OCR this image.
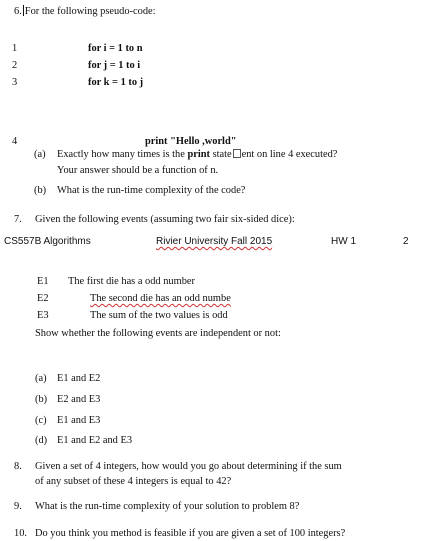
6. For the following pseudo-code:
1	for i = 1 to n
2	for j = 1 to i
3	for k = 1 to j
4	print "Hello ,world"
(a) Exactly how many times is the print state ent on line 4 executed?
Your answer should be a function of n.
(b) What is the run-time complexity of the code?
7. Given the following events (assuming two fair six-sided dice):
CS557B Algorithms	Rivier University Fall 2015	HW 1	2
E1 The first die has a odd number
E2	The second die has an odd numbe
E3	The sum of the two values is odd
Show whether the following events are independent or not:
(a) E1 and E2
(b) E2 and E3
(c) E1 and E3
(d) E1 and E2 and E3
8. Given a set of 4 integers, how would you go about determining if the sum
of any subset of these 4 integers is equal to 42?
9. What is the run-time complexity of your solution to problem 8?
10. Do you think you method is feasible if you are given a set of 100 integers?
